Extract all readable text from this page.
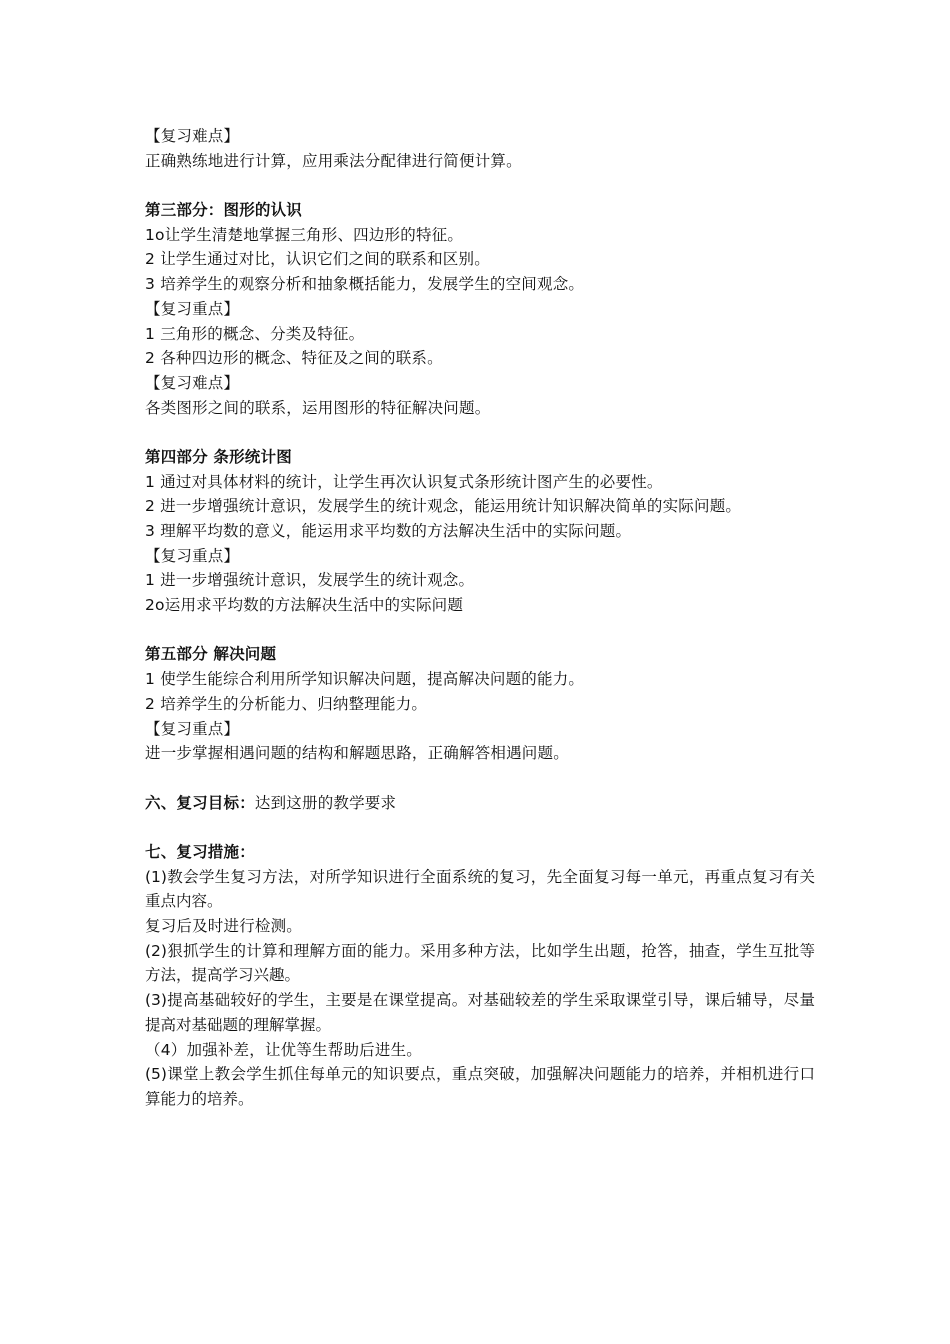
【复习难点】
正确熟练地进行计算，应用乘法分配律进行简便计算。
第三部分：图形的认识
1o让学生清楚地掌握三角形、四边形的特征。
2 让学生通过对比，认识它们之间的联系和区别。
3 培养学生的观察分析和抽象概括能力，发展学生的空间观念。
【复习重点】
1 三角形的概念、分类及特征。
2 各种四边形的概念、特征及之间的联系。
【复习难点】
各类图形之间的联系，运用图形的特征解决问题。
第四部分 条形统计图
1 通过对具体材料的统计，让学生再次认识复式条形统计图产生的必要性。
2 进一步增强统计意识，发展学生的统计观念，能运用统计知识解决简单的实际问题。
3 理解平均数的意义，能运用求平均数的方法解决生活中的实际问题。
【复习重点】
1 进一步增强统计意识，发展学生的统计观念。
2o运用求平均数的方法解决生活中的实际问题
第五部分 解决问题
1 使学生能综合利用所学知识解决问题，提高解决问题的能力。
2 培养学生的分析能力、归纳整理能力。
【复习重点】
进一步掌握相遇问题的结构和解题思路，正确解答相遇问题。
六、复习目标：达到这册的教学要求
七、复习措施：
(1)教会学生复习方法，对所学知识进行全面系统的复习，先全面复习每一单元，再重点复习有关重点内容。
复习后及时进行检测。
(2)狠抓学生的计算和理解方面的能力。采用多种方法，比如学生出题，抢答，抽查，学生互批等方法，提高学习兴趣。
(3)提高基础较好的学生，主要是在课堂提高。对基础较差的学生采取课堂引导，课后辅导，尽量提高对基础题的理解掌握。
（4）加强补差，让优等生帮助后进生。
(5)课堂上教会学生抓住每单元的知识要点，重点突破，加强解决问题能力的培养，并相机进行口算能力的培养。
